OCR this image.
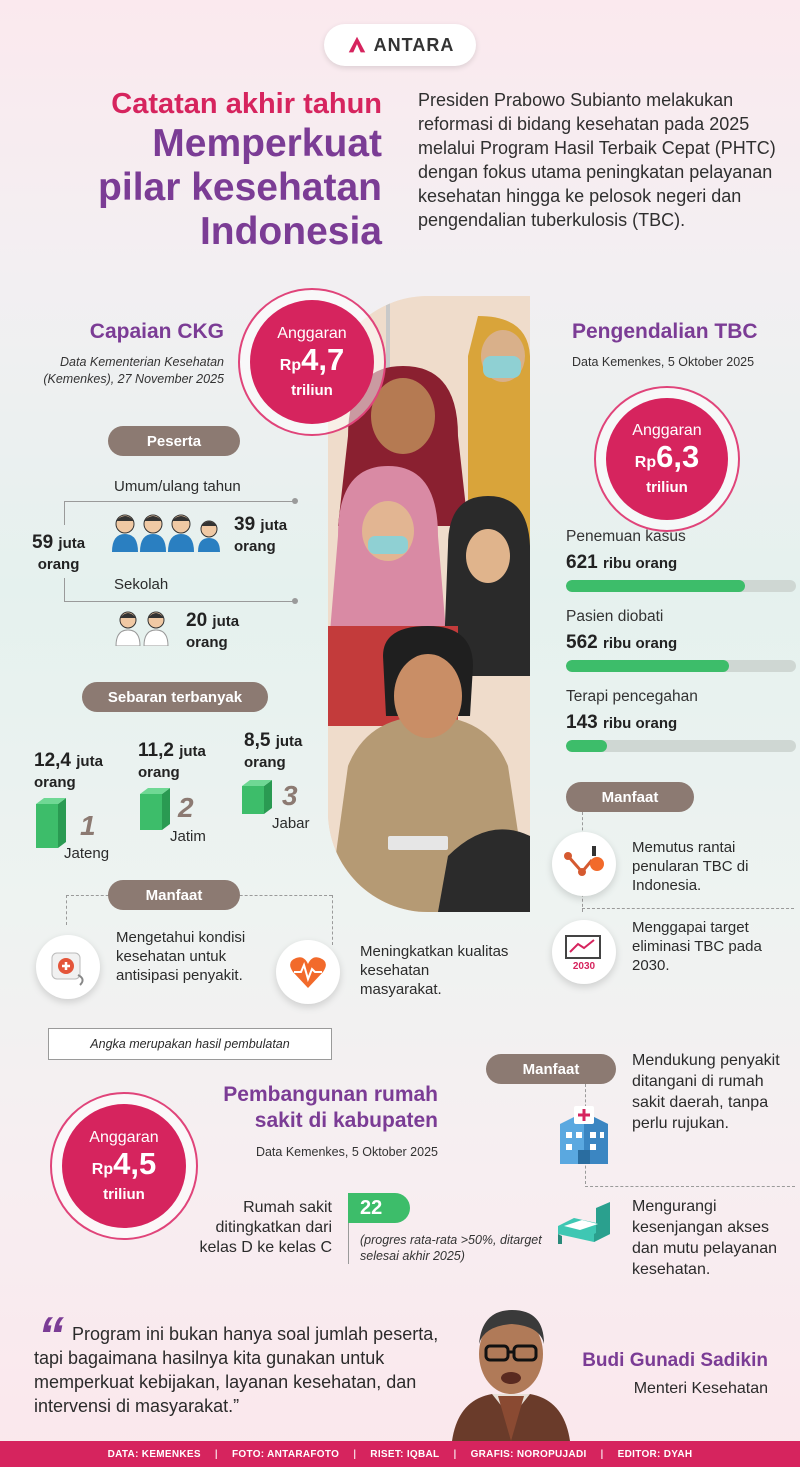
ANTARA
Catatan akhir tahun
Memperkuat
pilar kesehatan
Indonesia
Presiden Prabowo Subianto melakukan reformasi di bidang kesehatan pada 2025 melalui Program Hasil Terbaik Cepat (PHTC) dengan fokus utama peningkatan pelayanan kesehatan hingga ke pelosok negeri dan pengendalian tuberkulosis (TBC).
Capaian CKG
Data Kementerian Kesehatan
(Kemenkes), 27 November 2025
Anggaran
Rp4,7
triliun
Peserta
59 juta
orang
Umum/ulang tahun
39 juta
orang
Sekolah
20 juta
orang
Sebaran terbanyak
12,4 juta
orang
1
Jateng
11,2 juta
orang
2
Jatim
8,5 juta
orang
3
Jabar
Manfaat
Mengetahui kondisi kesehatan untuk antisipasi penyakit.
Meningkatkan kualitas kesehatan masyarakat.
Angka merupakan hasil pembulatan
Pengendalian TBC
Data Kemenkes, 5 Oktober 2025
Anggaran
Rp6,3
triliun
Penemuan kasus
621 ribu orang
Pasien diobati
562 ribu orang
Terapi pencegahan
143 ribu orang
Manfaat
Memutus rantai penularan TBC di Indonesia.
2030
Menggapai target eliminasi TBC pada 2030.
Pembangunan rumah
sakit di kabupaten
Data Kemenkes, 5 Oktober 2025
Anggaran
Rp4,5
triliun
Rumah sakit ditingkatkan dari kelas D ke kelas C
22
(progres rata-rata >50%, ditarget selesai akhir 2025)
Manfaat	Mendukung penyakit ditangani di rumah sakit daerah, tanpa perlu rujukan.
Mengurangi kesenjangan akses dan mutu pelayanan kesehatan.
“ Program ini bukan hanya soal jumlah peserta, tapi bagaimana hasilnya kita gunakan untuk memperkuat kebijakan, layanan kesehatan, dan intervensi di masyarakat.”
Budi Gunadi Sadikin
Menteri Kesehatan
DATA: KEMENKES | FOTO: ANTARAFOTO | RISET: IQBAL | GRAFIS: NOROPUJADI | EDITOR: DYAH
